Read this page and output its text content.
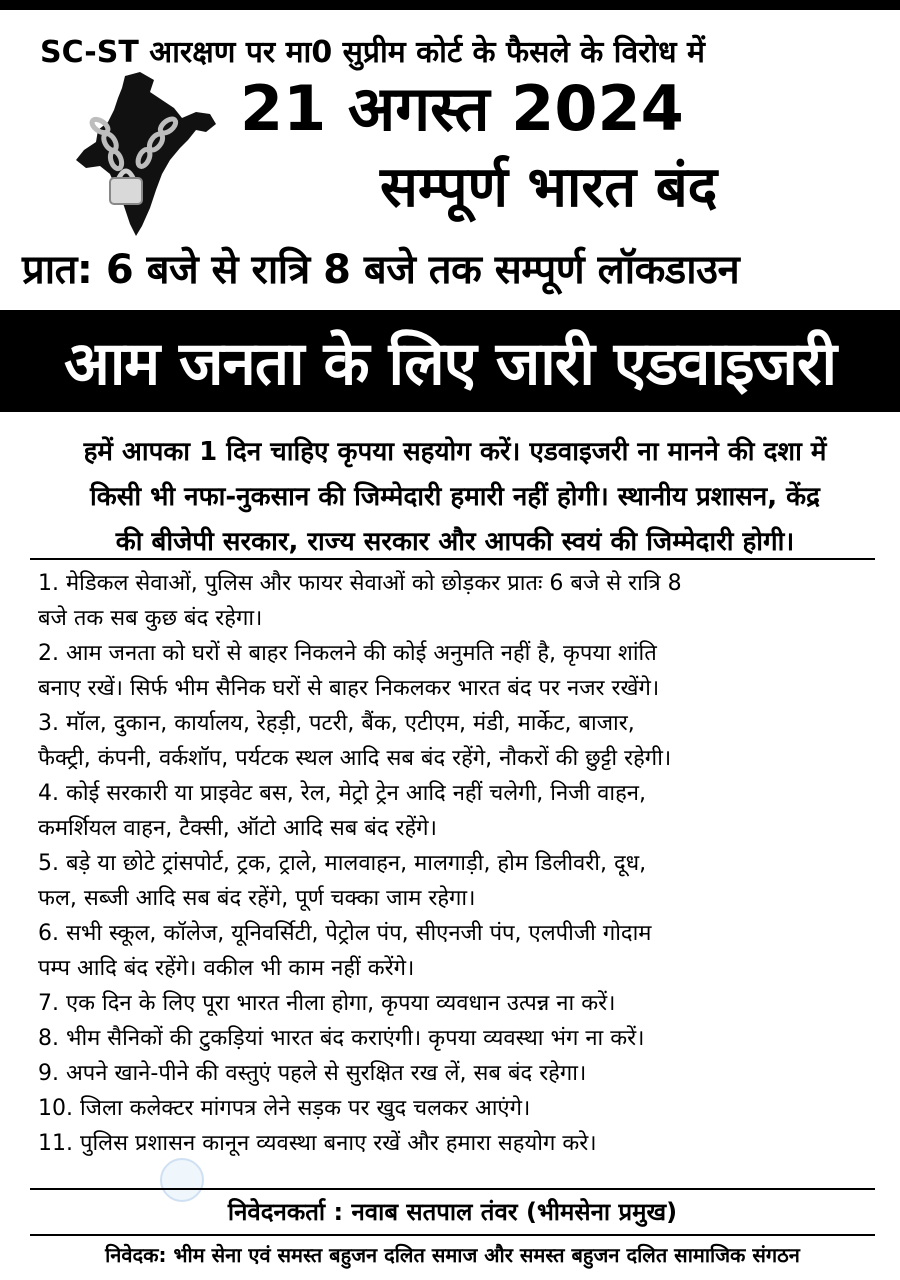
SC-ST आरक्षण पर मा0 सुप्रीम कोर्ट के फैसले के विरोध में
21 अगस्त 2024
सम्पूर्ण भारत बंद
प्रात: 6 बजे से रात्रि 8 बजे तक सम्पूर्ण लॉकडाउन
आम जनता के लिए जारी एडवाइजरी
हमें आपका 1 दिन चाहिए कृपया सहयोग करें। एडवाइजरी ना मानने की दशा में
किसी भी नफा-नुकसान की जिम्मेदारी हमारी नहीं होगी। स्थानीय प्रशासन, केंद्र
की बीजेपी सरकार, राज्य सरकार और आपकी स्वयं की जिम्मेदारी होगी।
1. मेडिकल सेवाओं, पुलिस और फायर सेवाओं को छोड़कर प्रातः 6 बजे से रात्रि 8
बजे तक सब कुछ बंद रहेगा।
2. आम जनता को घरों से बाहर निकलने की कोई अनुमति नहीं है, कृपया शांति
बनाए रखें। सिर्फ भीम सैनिक घरों से बाहर निकलकर भारत बंद पर नजर रखेंगे।
3. मॉल, दुकान, कार्यालय, रेहड़ी, पटरी, बैंक, एटीएम, मंडी, मार्केट, बाजार,
फैक्ट्री, कंपनी, वर्कशॉप, पर्यटक स्थल आदि सब बंद रहेंगे, नौकरों की छुट्टी रहेगी।
4. कोई सरकारी या प्राइवेट बस, रेल, मेट्रो ट्रेन आदि नहीं चलेगी, निजी वाहन,
कमर्शियल वाहन, टैक्सी, ऑटो आदि सब बंद रहेंगे।
5. बड़े या छोटे ट्रांसपोर्ट, ट्रक, ट्राले, मालवाहन, मालगाड़ी, होम डिलीवरी, दूध,
फल, सब्जी आदि सब बंद रहेंगे, पूर्ण चक्का जाम रहेगा।
6. सभी स्कूल, कॉलेज, यूनिवर्सिटी, पेट्रोल पंप, सीएनजी पंप, एलपीजी गोदाम
पम्प आदि बंद रहेंगे। वकील भी काम नहीं करेंगे।
7. एक दिन के लिए पूरा भारत नीला होगा, कृपया व्यवधान उत्पन्न ना करें।
8. भीम सैनिकों की टुकड़ियां भारत बंद कराएंगी। कृपया व्यवस्था भंग ना करें।
9. अपने खाने-पीने की वस्तुएं पहले से सुरक्षित रख लें, सब बंद रहेगा।
10. जिला कलेक्टर मांगपत्र लेने सड़क पर खुद चलकर आएंगे।
11. पुलिस प्रशासन कानून व्यवस्था बनाए रखें और हमारा सहयोग करे।
निवेदनकर्ता : नवाब सतपाल तंवर (भीमसेना प्रमुख)
निवेदक: भीम सेना एवं समस्त बहुजन दलित समाज और समस्त बहुजन दलित सामाजिक संगठन
